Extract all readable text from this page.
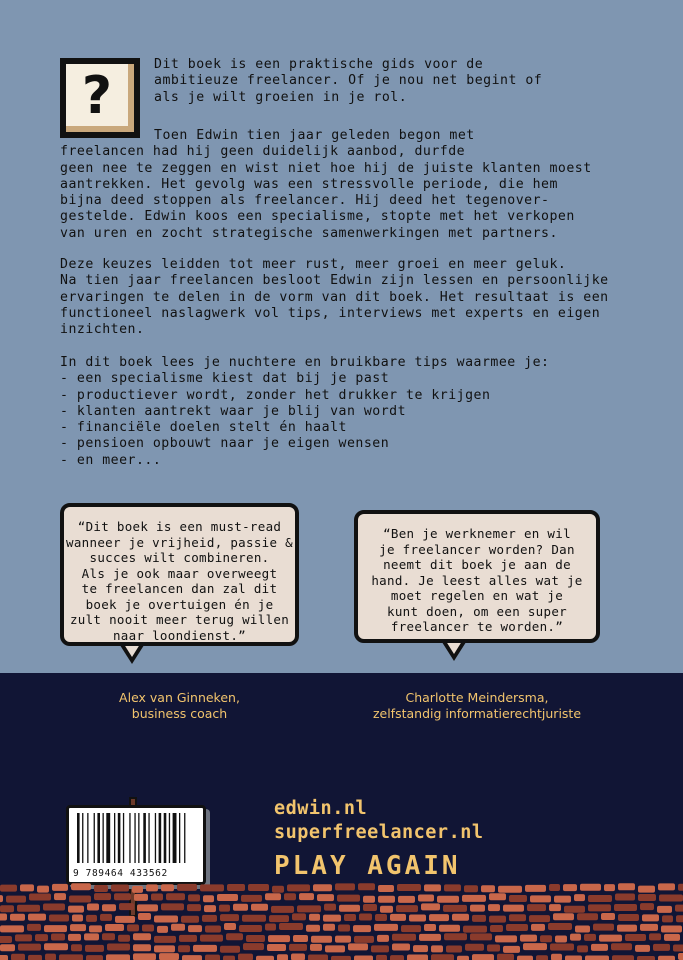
?
Dit boek is een praktische gids voor de
ambitieuze freelancer. Of je nou net begint of
als je wilt groeien in je rol.
Toen Edwin tien jaar geleden begon met
freelancen had hij geen duidelijk aanbod, durfde
geen nee te zeggen en wist niet hoe hij de juiste klanten moest
aantrekken. Het gevolg was een stressvolle periode, die hem
bijna deed stoppen als freelancer. Hij deed het tegenover-
gestelde. Edwin koos een specialisme, stopte met het verkopen
van uren en zocht strategische samenwerkingen met partners.
Deze keuzes leidden tot meer rust, meer groei en meer geluk.
Na tien jaar freelancen besloot Edwin zijn lessen en persoonlijke
ervaringen te delen in de vorm van dit boek. Het resultaat is een
functioneel naslagwerk vol tips, interviews met experts en eigen
inzichten.
In dit boek lees je nuchtere en bruikbare tips waarmee je:
- een specialisme kiest dat bij je past
- productiever wordt, zonder het drukker te krijgen
- klanten aantrekt waar je blij van wordt
- financiële doelen stelt én haalt
- pensioen opbouwt naar je eigen wensen
- en meer...
“Dit boek is een must-read
wanneer je vrijheid, passie &
succes wilt combineren.
Als je ook maar overweegt
te freelancen dan zal dit
boek je overtuigen én je
zult nooit meer terug willen
naar loondienst.”
“Ben je werknemer en wil
je freelancer worden? Dan
neemt dit boek je aan de
hand. Je leest alles wat je
moet regelen en wat je
kunt doen, om een super
freelancer te worden.”
Alex van Ginneken,
business coach
Charlotte Meindersma,
zelfstandig informatierechtjuriste
9 789464 433562
edwin.nl
superfreelancer.nl
PLAY AGAIN
